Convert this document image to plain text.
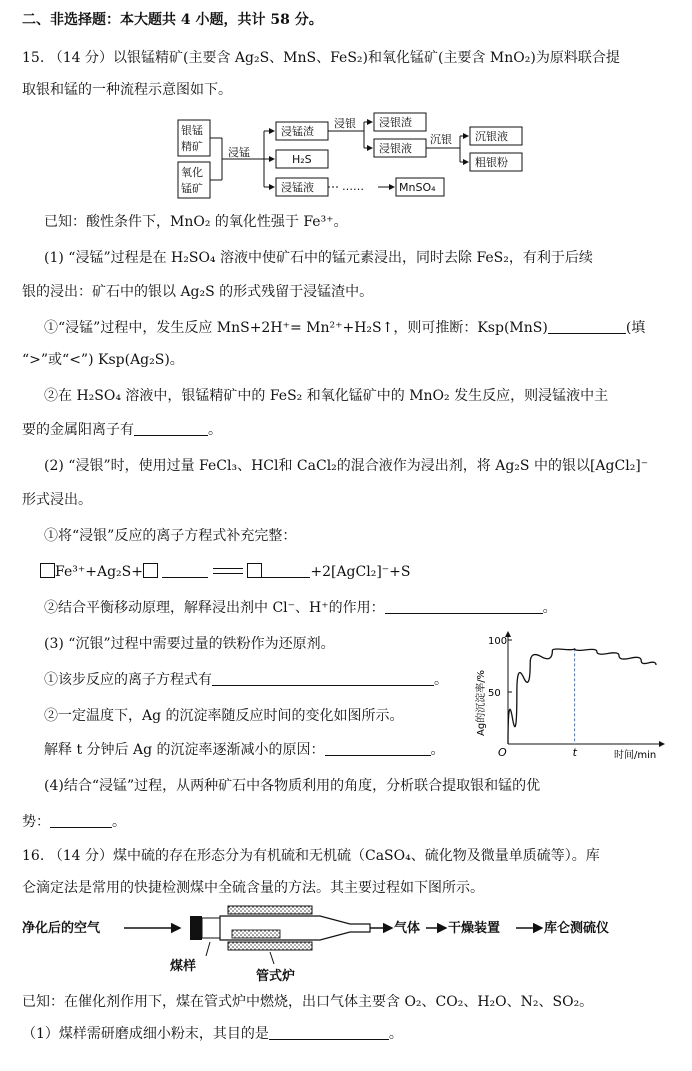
二、非选择题：本大题共 4 小题，共计 58 分。
15. （14 分）以银锰精矿(主要含 Ag₂S、MnS、FeS₂)和氧化锰矿(主要含 MnO₂)为原料联合提
取银和锰的一种流程示意图如下。
银锰
精矿
氧化
锰矿
浸锰
浸锰渣
H₂S
浸锰液	……	MnSO₄
浸银 浸银渣
浸银液
沉银 沉银液
粗银粉
已知：酸性条件下，MnO₂ 的氧化性强于 Fe³⁺。
(1) “浸锰”过程是在 H₂SO₄ 溶液中使矿石中的锰元素浸出，同时去除 FeS₂，有利于后续
银的浸出：矿石中的银以 Ag₂S 的形式残留于浸锰渣中。
①“浸锰”过程中，发生反应 MnS+2H⁺= Mn²⁺+H₂S↑，则可推断：Ksp(MnS)	(填
“>”或“<”) Ksp(Ag₂S)。
②在 H₂SO₄ 溶液中，银锰精矿中的 FeS₂ 和氧化锰矿中的 MnO₂ 发生反应，则浸锰液中主
要的金属阳离子有	。
(2) “浸银”时，使用过量 FeCl₃、HCl和 CaCl₂的混合液作为浸出剂，将 Ag₂S 中的银以[AgCl₂]⁻
形式浸出。
①将“浸银”反应的离子方程式补充完整：
Fe³⁺+Ag₂S+	+2[AgCl₂]⁻+S
②结合平衡移动原理，解释浸出剂中 Cl⁻、H⁺的作用：	。
(3) “沉银”过程中需要过量的铁粉作为还原剂。
①该步反应的离子方程式有	。
②一定温度下，Ag 的沉淀率随反应时间的变化如图所示。
解释 t 分钟后 Ag 的沉淀率逐渐减小的原因：	。
Ag的沉淀率/%
O	时间/min
50
100
t
(4)结合“浸锰”过程，从两种矿石中各物质利用的角度，分析联合提取银和锰的优
势：	。
16. （14 分）煤中硫的存在形态分为有机硫和无机硫（CaSO₄、硫化物及微量单质硫等）。库
仑滴定法是常用的快捷检测煤中全硫含量的方法。其主要过程如下图所示。
净化后的空气	气体 干燥装置	库仑测硫仪
煤样
管式炉
已知：在催化剂作用下，煤在管式炉中燃烧，出口气体主要含 O₂、CO₂、H₂O、N₂、SO₂。
（1）煤样需研磨成细小粉末，其目的是	。
